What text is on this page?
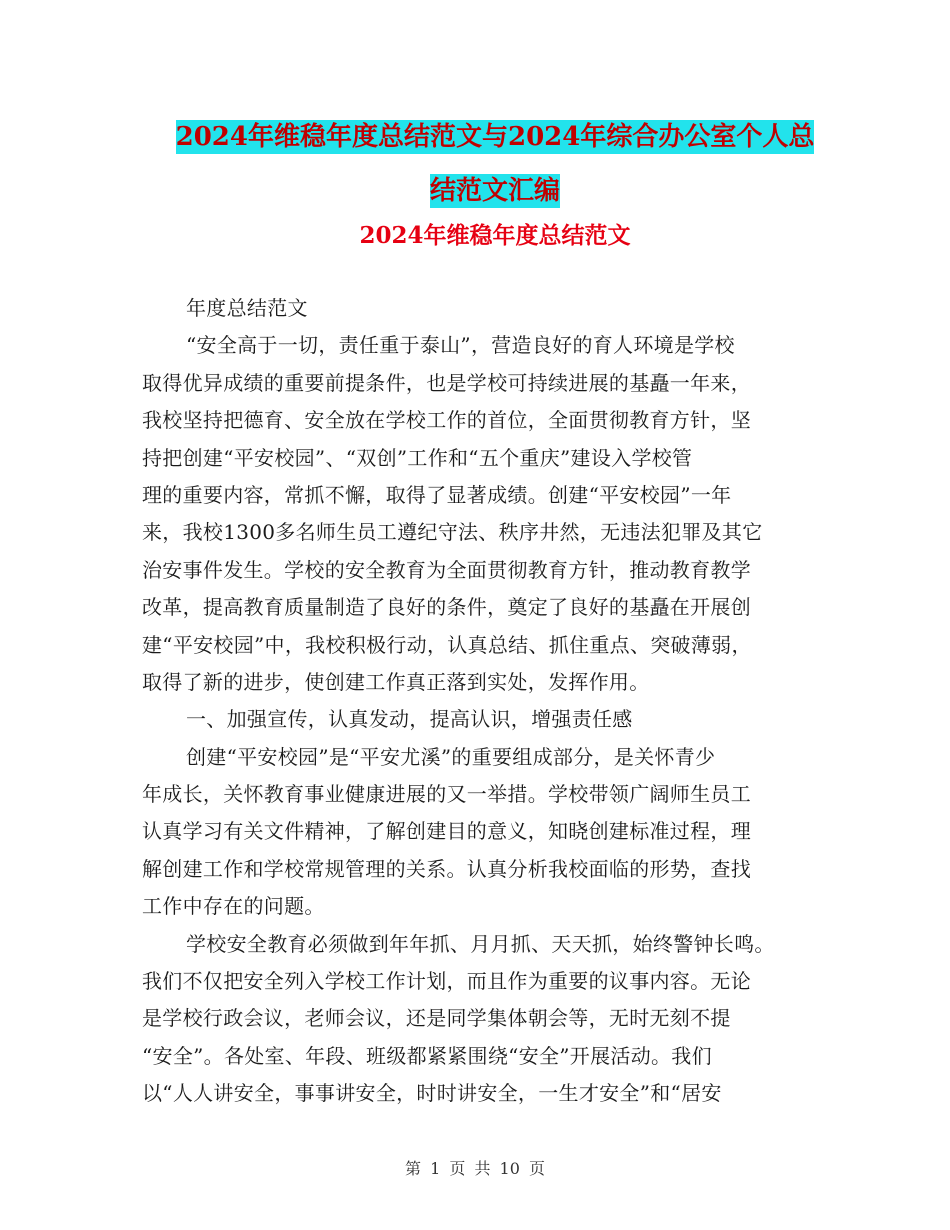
2024年维稳年度总结范文与2024年综合办公室个人总
结范文汇编
2024年维稳年度总结范文
年度总结范文
“安全高于一切，责任重于泰山”，营造良好的育人环境是学校
取得优异成绩的重要前提条件，也是学校可持续进展的基矗一年来，
我校坚持把德育、安全放在学校工作的首位，全面贯彻教育方针，坚
持把创建“平安校园”、“双创”工作和“五个重庆”建设入学校管
理的重要内容，常抓不懈，取得了显著成绩。创建“平安校园”一年
来，我校1300多名师生员工遵纪守法、秩序井然，无违法犯罪及其它
治安事件发生。学校的安全教育为全面贯彻教育方针，推动教育教学
改革，提高教育质量制造了良好的条件，奠定了良好的基矗在开展创
建“平安校园”中，我校积极行动，认真总结、抓住重点、突破薄弱，
取得了新的进步，使创建工作真正落到实处，发挥作用。
一、加强宣传，认真发动，提高认识，增强责任感
创建“平安校园”是“平安尤溪”的重要组成部分，是关怀青少
年成长，关怀教育事业健康进展的又一举措。学校带领广阔师生员工
认真学习有关文件精神，了解创建目的意义，知晓创建标准过程，理
解创建工作和学校常规管理的关系。认真分析我校面临的形势，查找
工作中存在的问题。
学校安全教育必须做到年年抓、月月抓、天天抓，始终警钟长鸣。
我们不仅把安全列入学校工作计划，而且作为重要的议事内容。无论
是学校行政会议，老师会议，还是同学集体朝会等，无时无刻不提
“安全”。各处室、年段、班级都紧紧围绕“安全”开展活动。我们
以“人人讲安全，事事讲安全，时时讲安全，一生才安全”和“居安
第 1 页 共 10 页
